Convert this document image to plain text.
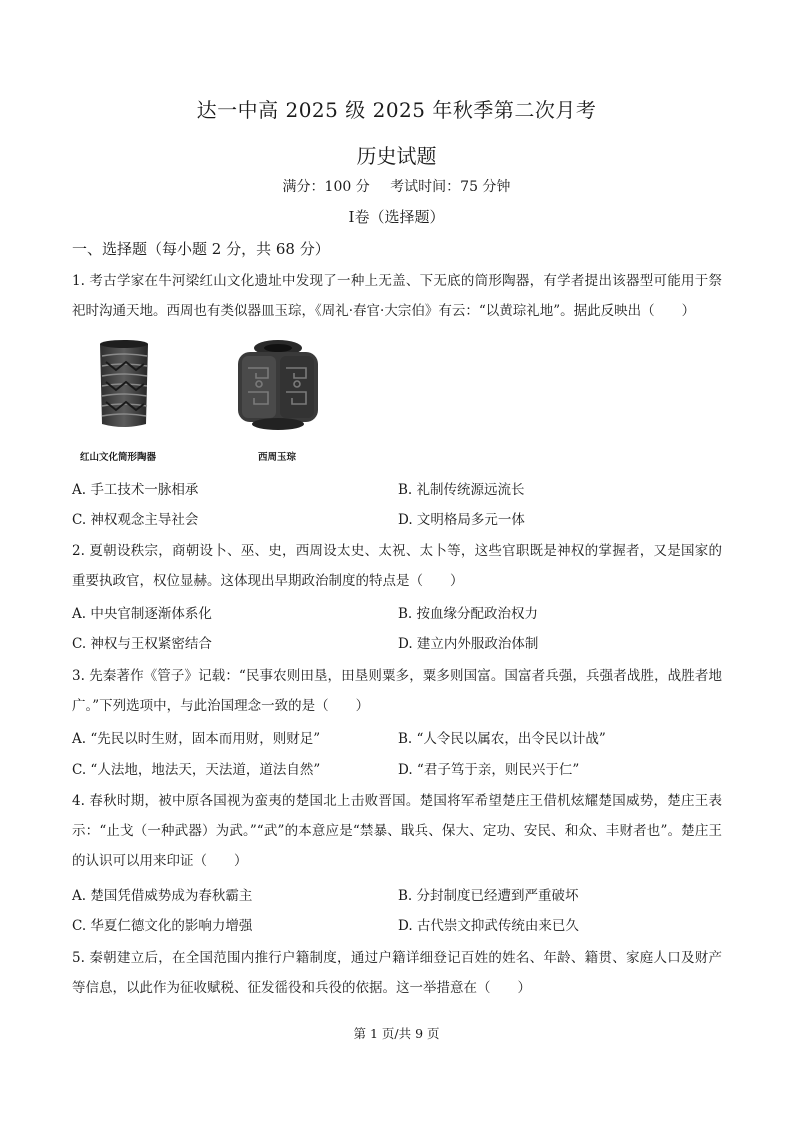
达一中高 2025 级 2025 年秋季第二次月考
历史试题
满分：100 分 考试时间：75 分钟
Ⅰ卷（选择题）
一、选择题（每小题 2 分，共 68 分）
1. 考古学家在牛河梁红山文化遗址中发现了一种上无盖、下无底的筒形陶器，有学者提出该器型可能用于祭祀时沟通天地。西周也有类似器皿玉琮，《周礼·春官·大宗伯》有云：“以黄琮礼地”。据此反映出（　　）
红山文化筒形陶器	西周玉琮
A. 手工技术一脉相承	B. 礼制传统源远流长
C. 神权观念主导社会	D. 文明格局多元一体
2. 夏朝设秩宗，商朝设卜、巫、史，西周设太史、太祝、太卜等，这些官职既是神权的掌握者，又是国家的重要执政官，权位显赫。这体现出早期政治制度的特点是（　　）
A. 中央官制逐渐体系化	B. 按血缘分配政治权力
C. 神权与王权紧密结合	D. 建立内外服政治体制
3. 先秦著作《管子》记载：“民事农则田垦，田垦则粟多，粟多则国富。国富者兵强，兵强者战胜，战胜者地广。”下列选项中，与此治国理念一致的是（　　）
A. “先民以时生财，固本而用财，则财足”	B. “人令民以属农，出令民以计战”
C. “人法地，地法天，天法道，道法自然”	D. “君子笃于亲，则民兴于仁”
4. 春秋时期，被中原各国视为蛮夷的楚国北上击败晋国。楚国将军希望楚庄王借机炫耀楚国威势，楚庄王表示：“止戈（一种武器）为武。”“武”的本意应是“禁暴、戢兵、保大、定功、安民、和众、丰财者也”。楚庄王的认识可以用来印证（　　）
A. 楚国凭借威势成为春秋霸主	B. 分封制度已经遭到严重破坏
C. 华夏仁德文化的影响力增强	D. 古代崇文抑武传统由来已久
5. 秦朝建立后，在全国范围内推行户籍制度，通过户籍详细登记百姓的姓名、年龄、籍贯、家庭人口及财产等信息，以此作为征收赋税、征发徭役和兵役的依据。这一举措意在（　　）
第 1 页/共 9 页
